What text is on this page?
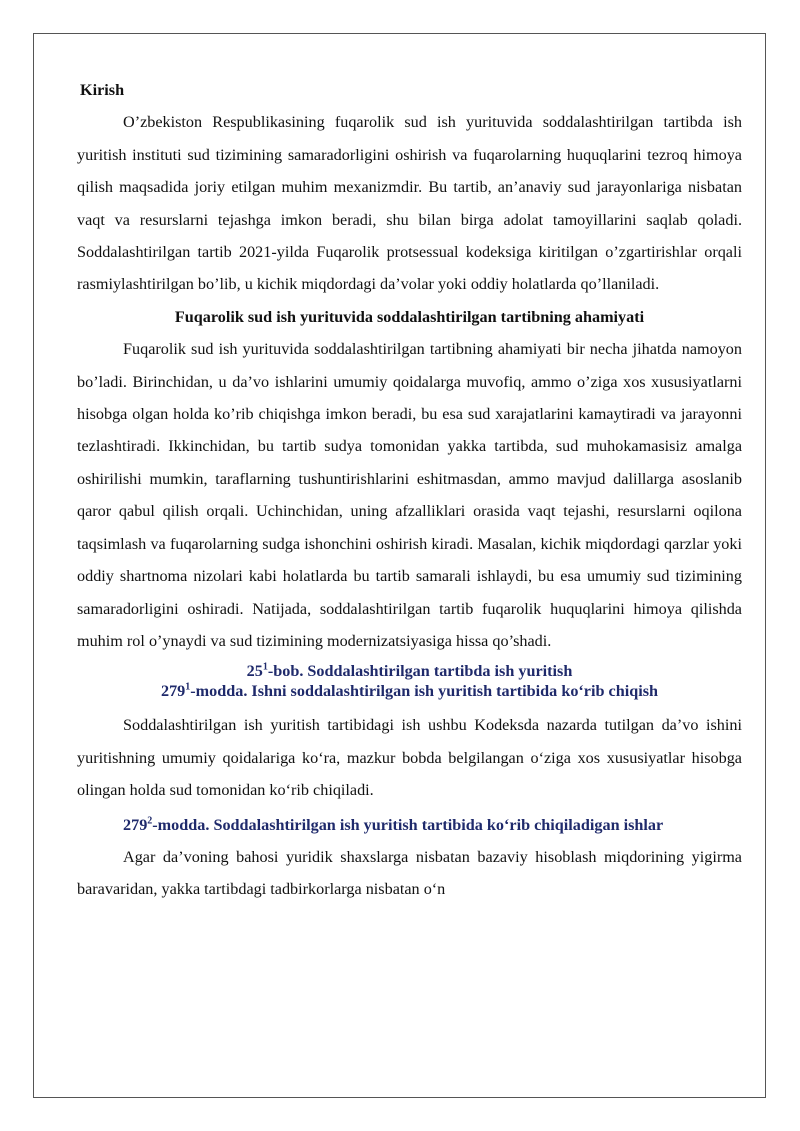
Kirish

O’zbekiston Respublikasining fuqarolik sud ish yurituvida soddalashtirilgan tartibda ish yuritish instituti sud tizimining samaradorligini oshirish va fuqarolarning huquqlarini tezroq himoya qilish maqsadida joriy etilgan muhim mexanizmdir. Bu tartib, an’anaviy sud jarayonlariga nisbatan vaqt va resurslarni tejashga imkon beradi, shu bilan birga adolat tamoyillarini saqlab qoladi. Soddalashtirilgan tartib 2021-yilda Fuqarolik protsessual kodeksiga kiritilgan o’zgartirishlar orqali rasmiylashtirilgan bo’lib, u kichik miqdordagi da’volar yoki oddiy holatlarda qo’llaniladi.

Fuqarolik sud ish yurituvida soddalashtirilgan tartibning ahamiyati

Fuqarolik sud ish yurituvida soddalashtirilgan tartibning ahamiyati bir necha jihatda namoyon bo’ladi. Birinchidan, u da’vo ishlarini umumiy qoidalarga muvofiq, ammo o’ziga xos xususiyatlarni hisobga olgan holda ko’rib chiqishga imkon beradi, bu esa sud xarajatlarini kamaytiradi va jarayonni tezlashtiradi. Ikkinchidan, bu tartib sudya tomonidan yakka tartibda, sud muhokamasisiz amalga oshirilishi mumkin, taraflarning tushuntirishlarini eshitmasdan, ammo mavjud dalillarga asoslanib qaror qabul qilish orqali. Uchinchidan, uning afzalliklari orasida vaqt tejashi, resurslarni oqilona taqsimlash va fuqarolarning sudga ishonchini oshirish kiradi. Masalan, kichik miqdordagi qarzlar yoki oddiy shartnoma nizolari kabi holatlarda bu tartib samarali ishlaydi, bu esa umumiy sud tizimining samaradorligini oshiradi. Natijada, soddalashtirilgan tartib fuqarolik huquqlarini himoya qilishda muhim rol o’ynaydi va sud tizimining modernizatsiyasiga hissa qo’shadi.

$25^1$-bob. Soddalashtirilgan tartibda ish yuritish

$279^1$-modda. Ishni soddalashtirilgan ish yuritish tartibida ko‘rib chiqish

Soddalashtirilgan ish yuritish tartibidagi ish ushbu Kodeksda nazarda tutilgan da’vo ishini yuritishning umumiy qoidalariga ko‘ra, mazkur bobda belgilangan o‘ziga xos xususiyatlar hisobga olingan holda sud tomonidan ko‘rib chiqiladi.

$279^2$-modda. Soddalashtirilgan ish yuritish tartibida ko‘rib chiqiladigan ishlar

Agar da’voning bahosi yuridik shaxslarga nisbatan bazaviy hisoblash miqdorining yigirma baravaridan, yakka tartibdagi tadbirkorlarga nisbatan o‘n
